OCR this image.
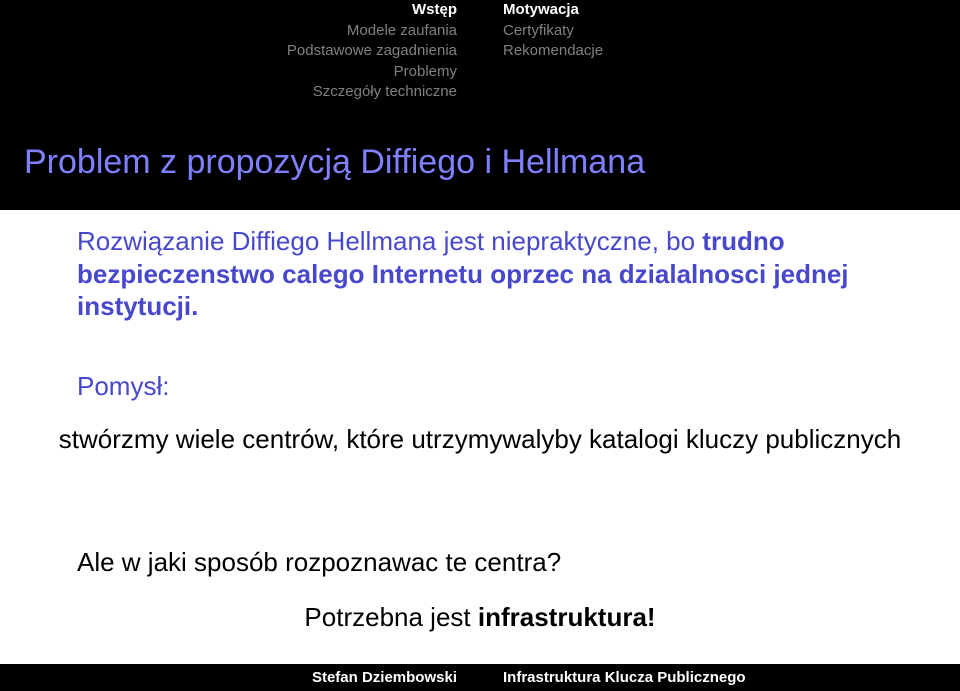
Wstęp
Modele zaufania
Podstawowe zagadnienia
Problemy
Szczegóły techniczne
Motywacja
Certyfikaty
Rekomendacje
Problem z propozycją Diffiego i Hellmana
Rozwiązanie Diffiego Hellmana jest niepraktyczne, bo trudno bezpieczenstwo calego Internetu oprzec na dzialalnosci jednej instytucji.
Pomysł:
stwórzmy wiele centrów, które utrzymywalyby katalogi kluczy publicznych
Ale w jaki sposób rozpoznawac te centra?
Potrzebna jest infrastruktura!
Stefan Dziembowski	Infrastruktura Klucza Publicznego
